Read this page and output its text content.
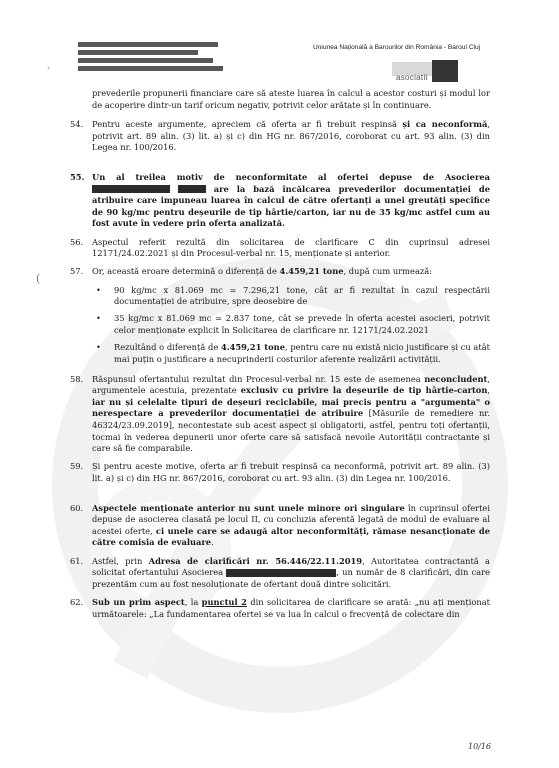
Uniunea Națională a Barourilor din România - Baroul Cluj
asociatii
›
(

prevederile propunerii financiare care să ateste luarea în calcul a acestor costuri și modul lor de acoperire dintr-un tarif oricum negativ, potrivit celor arătate și în continuare.

54. Pentru aceste argumente, apreciem că oferta ar fi trebuit respinsă și ca neconformă, potrivit art. 89 alin. (3) lit. a) și c) din HG nr. 867/2016, coroborat cu art. 93 alin. (3) din Legea nr. 100/2016.

55. Un al treilea motiv de neconformitate al ofertei depuse de Asocierea   are la bază încălcarea prevederilor documentației de atribuire care impuneau luarea în calcul de către ofertanți a unei greutăți specifice de 90 kg/mc pentru deșeurile de tip hârtie/carton, iar nu de 35 kg/mc astfel cum au fost avute în vedere prin oferta analizată.

56. Aspectul referit rezultă din solicitarea de clarificare C din cuprinsul adresei 12171/24.02.2021 și din Procesul-verbal nr. 15, menționate și anterior.

57. Or, această eroare determină o diferență de 4.459,21 tone, după cum urmează:

• 90 kg/mc x 81.069 mc = 7.296,21 tone, cât ar fi rezultat în cazul respectării documentației de atribuire, spre deosebire de

• 35 kg/mc x 81.069 mc = 2.837 tone, cât se prevede în oferta acestei asocieri, potrivit celor menționate explicit în Solicitarea de clarificare nr. 12171/24.02.2021

• Rezultând o diferență de 4.459,21 tone, pentru care nu există nicio justificare și cu atât mai puțin o justificare a necuprinderii costurilor aferente realizării activității.

58. Răspunsul ofertantului rezultat din Procesul-verbal nr. 15 este de asemenea neconcludent, argumentele acestuia, prezentate exclusiv cu privire la deșeurile de tip hârtie-carton, iar nu și celelalte tipuri de deșeuri reciclabile, mai precis pentru a "argumenta" o nerespectare a prevederilor documentației de atribuire [Măsurile de remediere nr. 46324/23.09.2019], necontestate sub acest aspect și obligatorii, astfel, pentru toți ofertanții, tocmai în vederea depunerii unor oferte care să satisfacă nevoile Autorității contractante și care să fie comparabile.

59. Și pentru aceste motive, oferta ar fi trebuit respinsă ca neconformă, potrivit art. 89 alin. (3) lit. a) și c) din HG nr. 867/2016, coroborat cu art. 93 alin. (3) din Legea nr. 100/2016.

60. Aspectele menționate anterior nu sunt unele minore ori singulare în cuprinsul ofertei depuse de asocierea clasată pe locul II, cu concluzia aferentă legată de modul de evaluare al acestei oferte, ci unele care se adaugă altor neconformități, rămase nesancționate de către comisia de evaluare.

61. Astfel, prin Adresa de clarificări nr. 56.446/22.11.2019, Autoritatea contractantă a solicitat ofertantului Asocierea	, un număr de 8 clarificări, din care prezentăm cum au fost nesoluționate de ofertant două dintre solicitări.

62. Sub un prim aspect, la punctul 2 din solicitarea de clarificare se arată: „nu ați menționat următoarele: „La fundamentarea ofertei se va lua în calcul o frecvență de colectare din

10/16
